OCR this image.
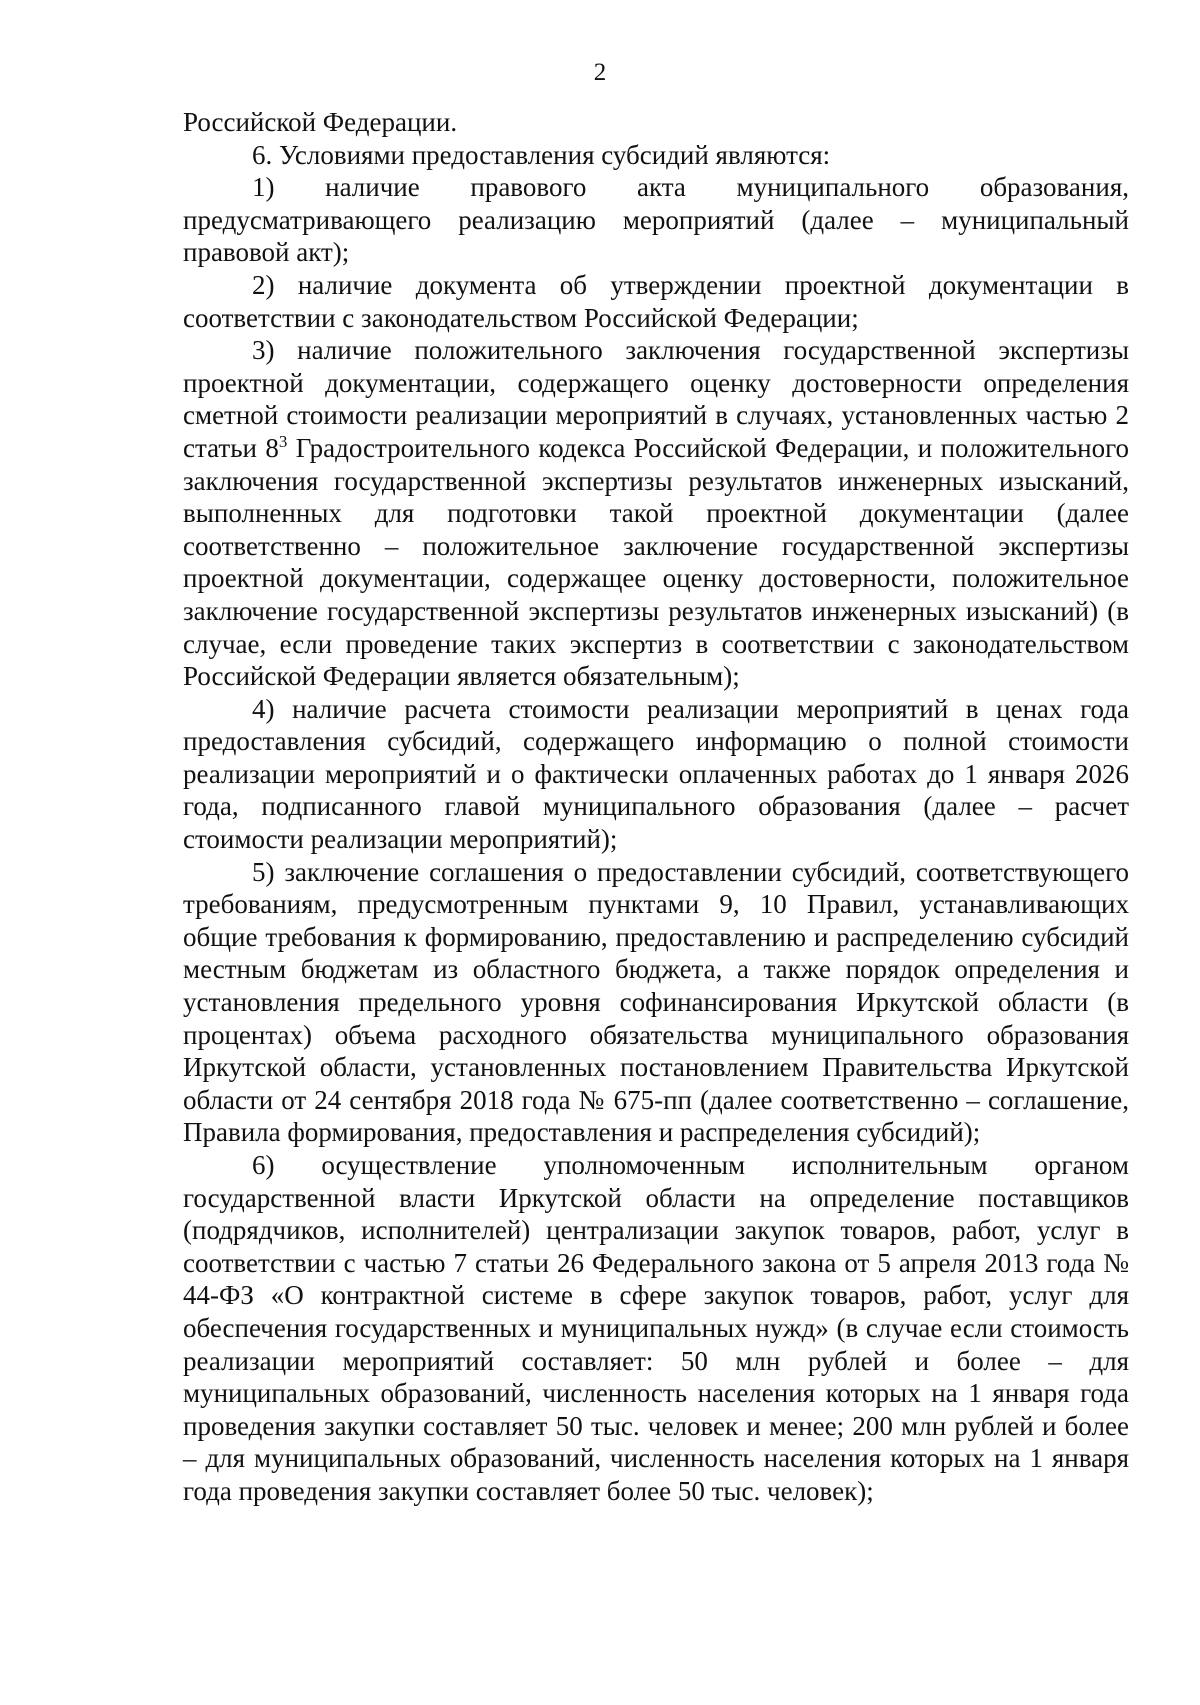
2

Российской Федерации.

6. Условиями предоставления субсидий являются:

1) наличие правового акта муниципального образования, предусматривающего реализацию мероприятий (далее – муниципальный правовой акт);

2) наличие документа об утверждении проектной документации в соответствии с законодательством Российской Федерации;

3) наличие положительного заключения государственной экспертизы проектной документации, содержащего оценку достоверности определения сметной стоимости реализации мероприятий в случаях, установленных частью 2 статьи $8^3$ Градостроительного кодекса Российской Федерации, и положительного заключения государственной экспертизы результатов инженерных изысканий, выполненных для подготовки такой проектной документации (далее соответственно – положительное заключение государственной экспертизы проектной документации, содержащее оценку достоверности, положительное заключение государственной экспертизы результатов инженерных изысканий) (в случае, если проведение таких экспертиз в соответствии с законодательством Российской Федерации является обязательным);

4) наличие расчета стоимости реализации мероприятий в ценах года предоставления субсидий, содержащего информацию о полной стоимости реализации мероприятий и о фактически оплаченных работах до 1 января 2026 года, подписанного главой муниципального образования (далее – расчет стоимости реализации мероприятий);

5) заключение соглашения о предоставлении субсидий, соответствующего требованиям, предусмотренным пунктами 9, 10 Правил, устанавливающих общие требования к формированию, предоставлению и распределению субсидий местным бюджетам из областного бюджета, а также порядок определения и установления предельного уровня софинансирования Иркутской области (в процентах) объема расходного обязательства муниципального образования Иркутской области, установленных постановлением Правительства Иркутской области от 24 сентября 2018 года № 675-пп (далее соответственно – соглашение, Правила формирования, предоставления и распределения субсидий);

6) осуществление уполномоченным исполнительным органом государственной власти Иркутской области на определение поставщиков (подрядчиков, исполнителей) централизации закупок товаров, работ, услуг в соответствии с частью 7 статьи 26 Федерального закона от 5 апреля 2013 года № 44-ФЗ «О контрактной системе в сфере закупок товаров, работ, услуг для обеспечения государственных и муниципальных нужд» (в случае если стоимость реализации мероприятий составляет: 50 млн рублей и более – для муниципальных образований, численность населения которых на 1 января года проведения закупки составляет 50 тыс. человек и менее; 200 млн рублей и более – для муниципальных образований, численность населения которых на 1 января года проведения закупки составляет более 50 тыс. человек);
